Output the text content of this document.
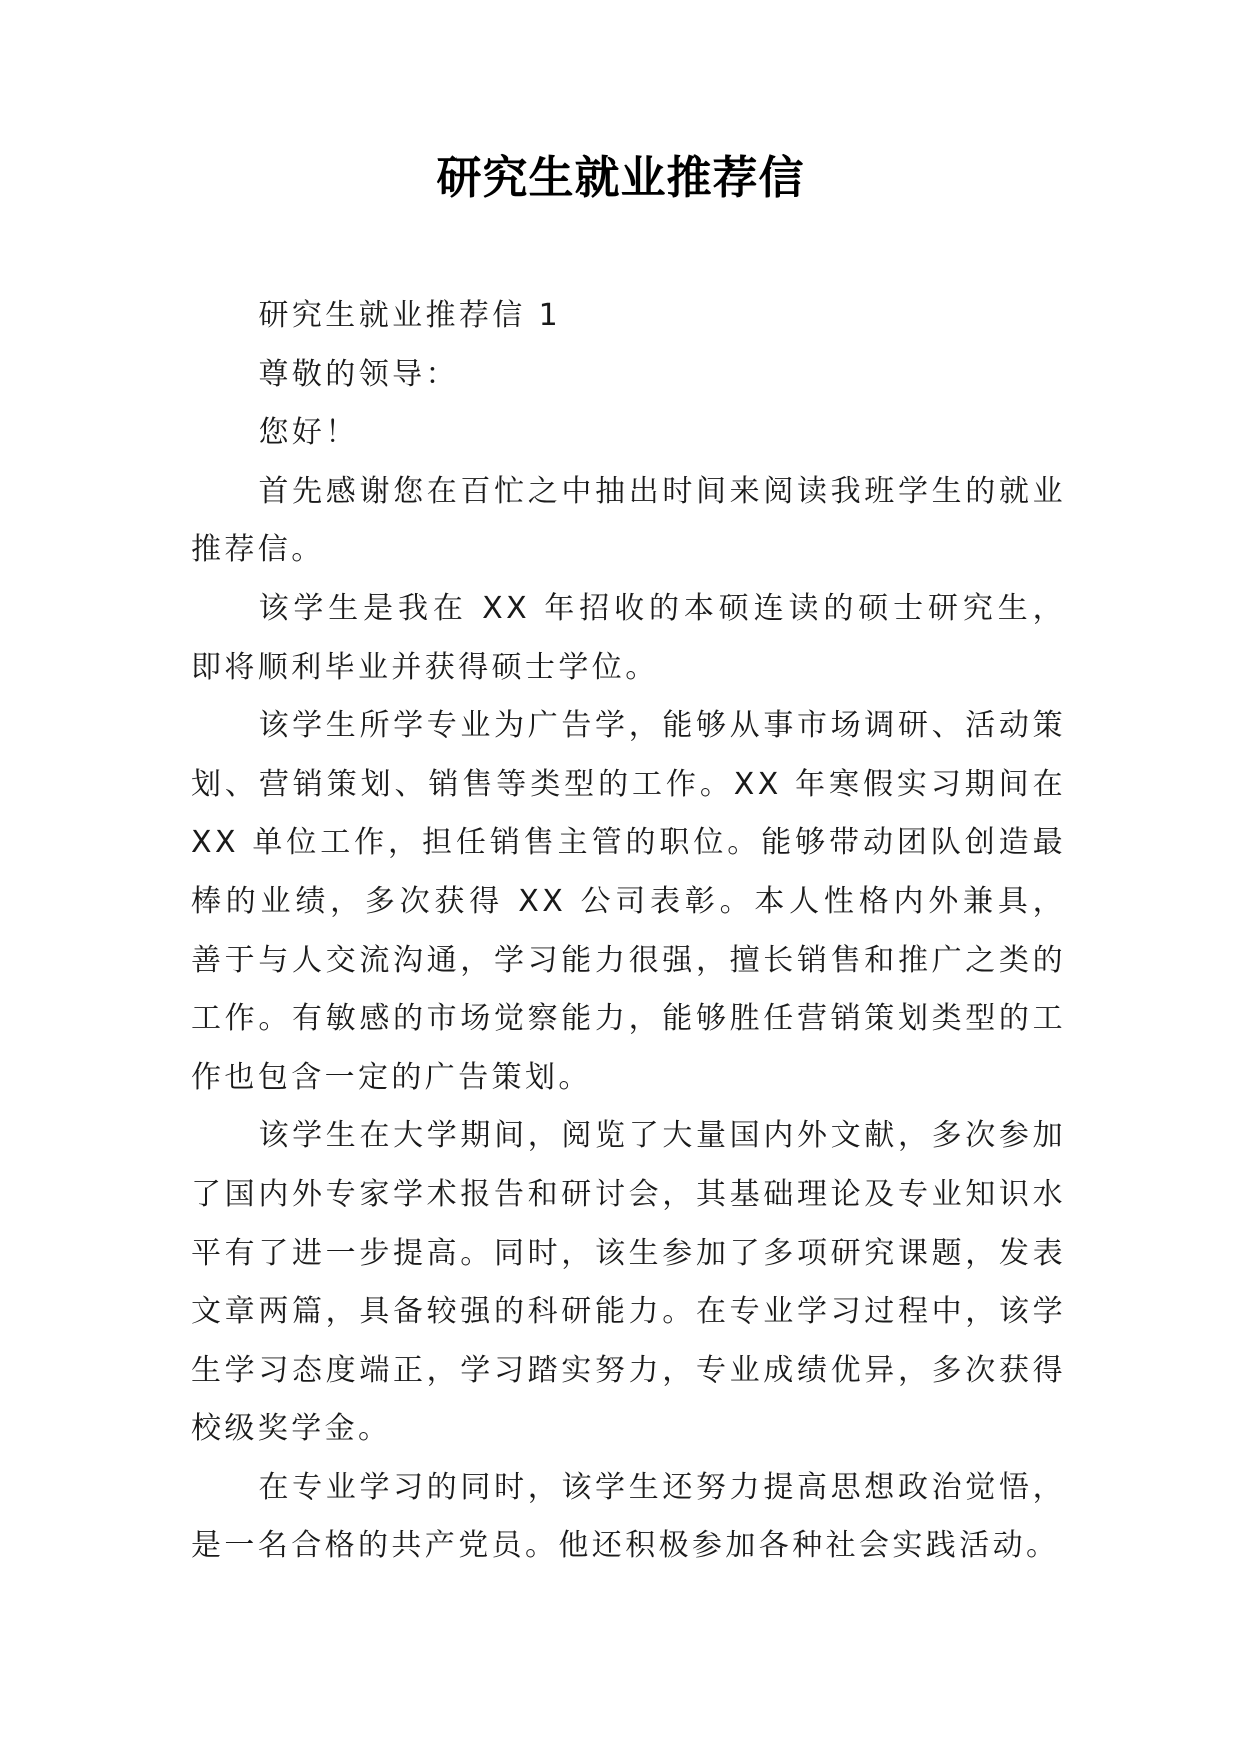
研究生就业推荐信

研究生就业推荐信 1

尊敬的领导：

您好！

首先感谢您在百忙之中抽出时间来阅读我班学生的就业推荐信。

该学生是我在 XX 年招收的本硕连读的硕士研究生，即将顺利毕业并获得硕士学位。

该学生所学专业为广告学，能够从事市场调研、活动策划、营销策划、销售等类型的工作。XX 年寒假实习期间在 XX 单位工作，担任销售主管的职位。能够带动团队创造最棒的业绩，多次获得 XX 公司表彰。本人性格内外兼具，善于与人交流沟通，学习能力很强，擅长销售和推广之类的工作。有敏感的市场觉察能力，能够胜任营销策划类型的工作也包含一定的广告策划。

该学生在大学期间，阅览了大量国内外文献，多次参加了国内外专家学术报告和研讨会，其基础理论及专业知识水平有了进一步提高。同时，该生参加了多项研究课题，发表文章两篇，具备较强的科研能力。在专业学习过程中，该学生学习态度端正，学习踏实努力，专业成绩优异，多次获得校级奖学金。

在专业学习的同时，该学生还努力提高思想政治觉悟，是一名合格的共产党员。他还积极参加各种社会实践活动。
